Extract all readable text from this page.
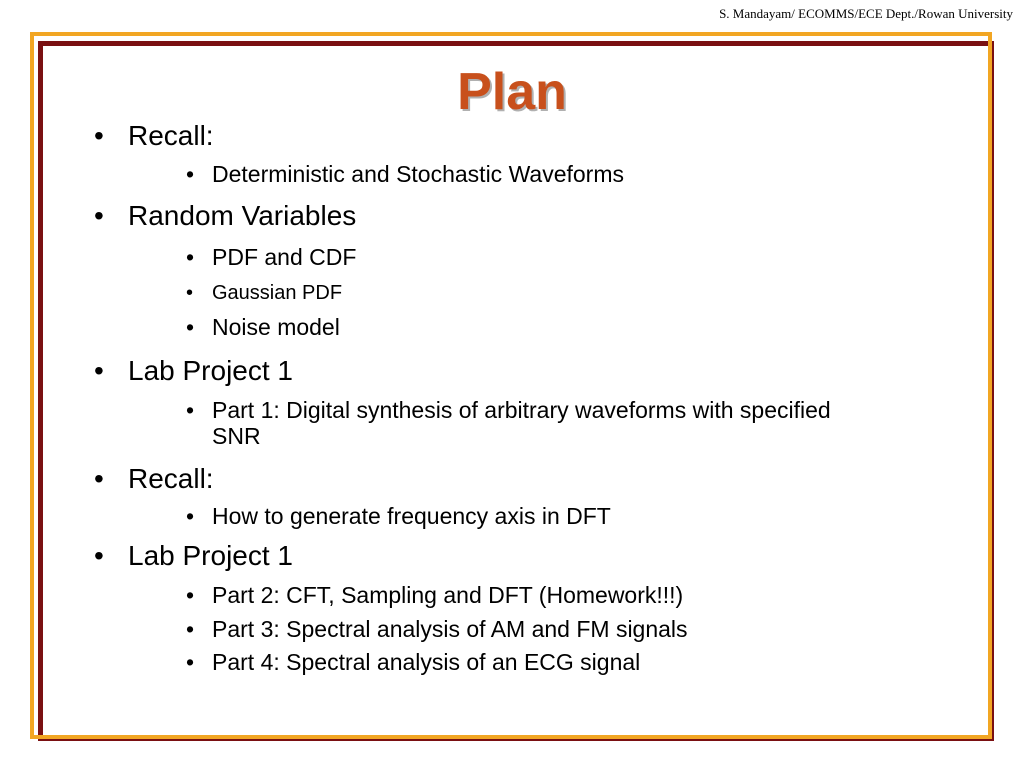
S. Mandayam/ ECOMMS/ECE Dept./Rowan University
Plan
• Recall:
• Deterministic and Stochastic Waveforms
• Random Variables
• PDF and CDF
• Gaussian PDF
• Noise model
• Lab Project 1
• Part 1: Digital synthesis of arbitrary waveforms with specified
SNR
• Recall:
• How to generate frequency axis in DFT
• Lab Project 1
• Part 2: CFT, Sampling and DFT (Homework!!!)
• Part 3: Spectral analysis of AM and FM signals
• Part 4: Spectral analysis of an ECG signal
